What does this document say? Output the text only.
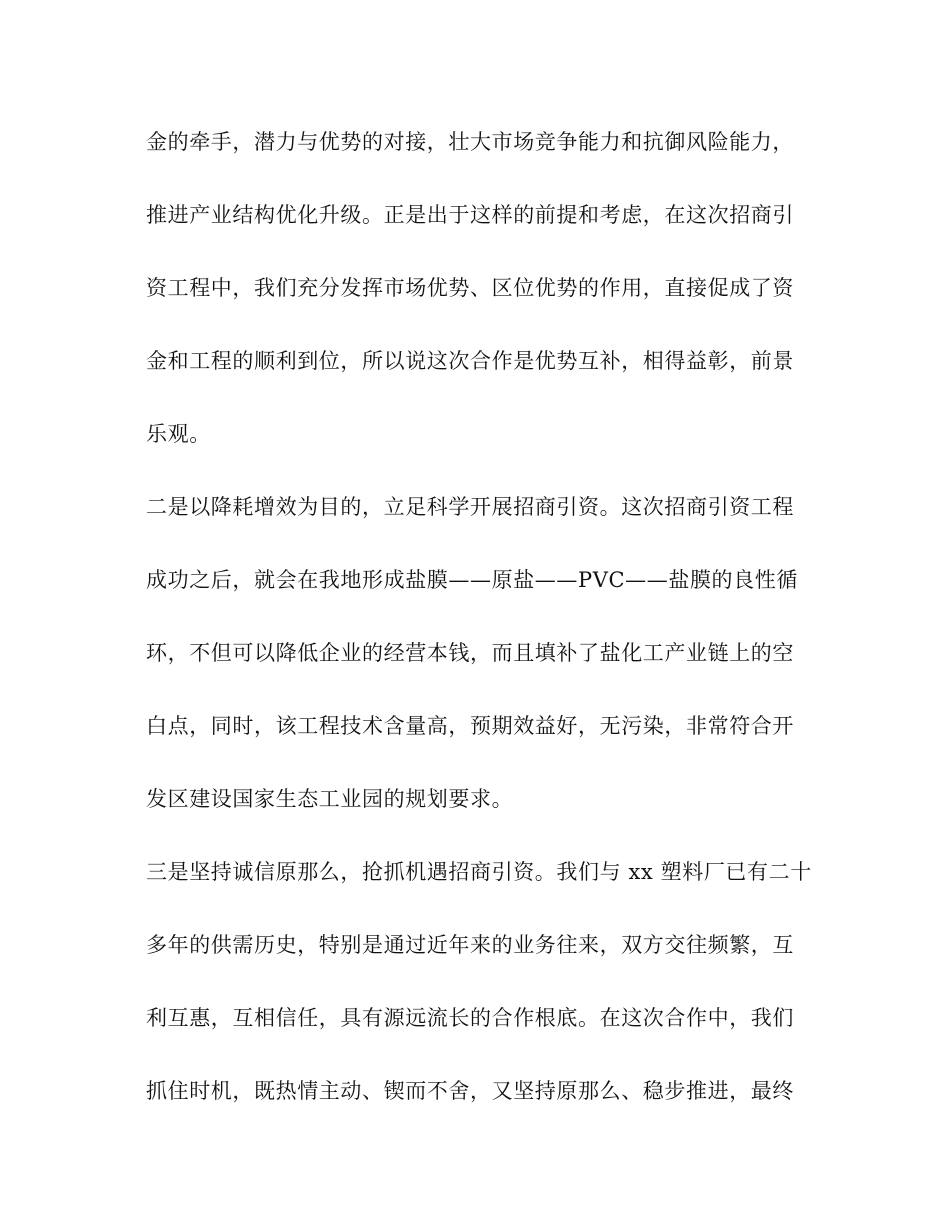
金的牵手，潜力与优势的对接，壮大市场竞争能力和抗御风险能力，
推进产业结构优化升级。正是出于这样的前提和考虑，在这次招商引
资工程中，我们充分发挥市场优势、区位优势的作用，直接促成了资
金和工程的顺利到位，所以说这次合作是优势互补，相得益彰，前景
乐观。
二是以降耗增效为目的，立足科学开展招商引资。这次招商引资工程
成功之后，就会在我地形成盐膜——原盐——PVC——盐膜的良性循
环，不但可以降低企业的经营本钱，而且填补了盐化工产业链上的空
白点，同时，该工程技术含量高，预期效益好，无污染，非常符合开
发区建设国家生态工业园的规划要求。
三是坚持诚信原那么，抢抓机遇招商引资。我们与 xx 塑料厂已有二十
多年的供需历史，特别是通过近年来的业务往来，双方交往频繁，互
利互惠，互相信任，具有源远流长的合作根底。在这次合作中，我们
抓住时机，既热情主动、锲而不舍，又坚持原那么、稳步推进，最终
